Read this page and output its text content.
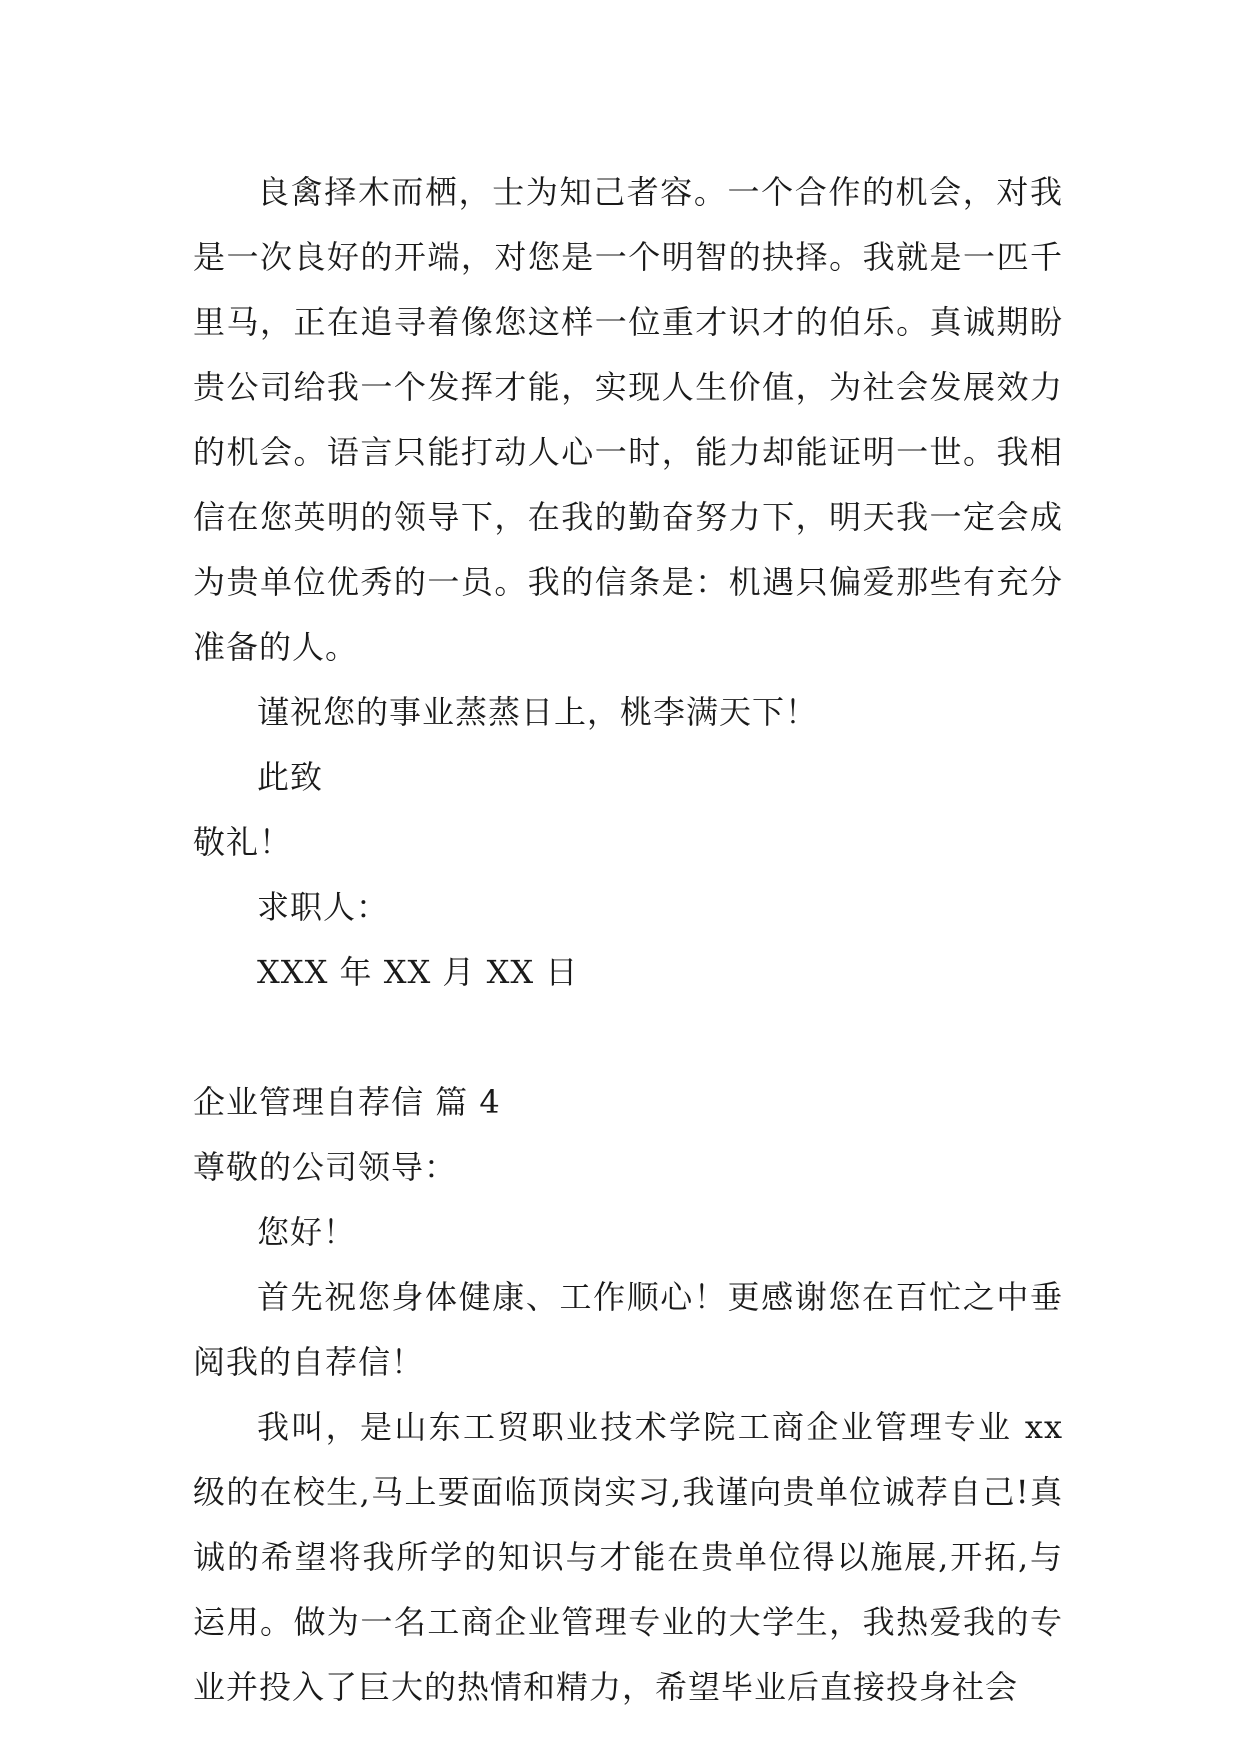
良禽择木而栖，士为知己者容。一个合作的机会，对我是一次良好的开端，对您是一个明智的抉择。我就是一匹千里马，正在追寻着像您这样一位重才识才的伯乐。真诚期盼贵公司给我一个发挥才能，实现人生价值，为社会发展效力的机会。语言只能打动人心一时，能力却能证明一世。我相信在您英明的领导下，在我的勤奋努力下，明天我一定会成为贵单位优秀的一员。我的信条是：机遇只偏爱那些有充分准备的人。

谨祝您的事业蒸蒸日上，桃李满天下！

此致

敬礼！

求职人：

XXX 年 XX 月 XX 日

企业管理自荐信 篇 4

尊敬的公司领导：

您好！

首先祝您身体健康、工作顺心！更感谢您在百忙之中垂阅我的自荐信！

我叫，是山东工贸职业技术学院工商企业管理专业 xx 级的在校生,马上要面临顶岗实习,我谨向贵单位诚荐自己!真诚的希望将我所学的知识与才能在贵单位得以施展,开拓,与运用。做为一名工商企业管理专业的大学生，我热爱我的专业并投入了巨大的热情和精力，希望毕业后直接投身社会
